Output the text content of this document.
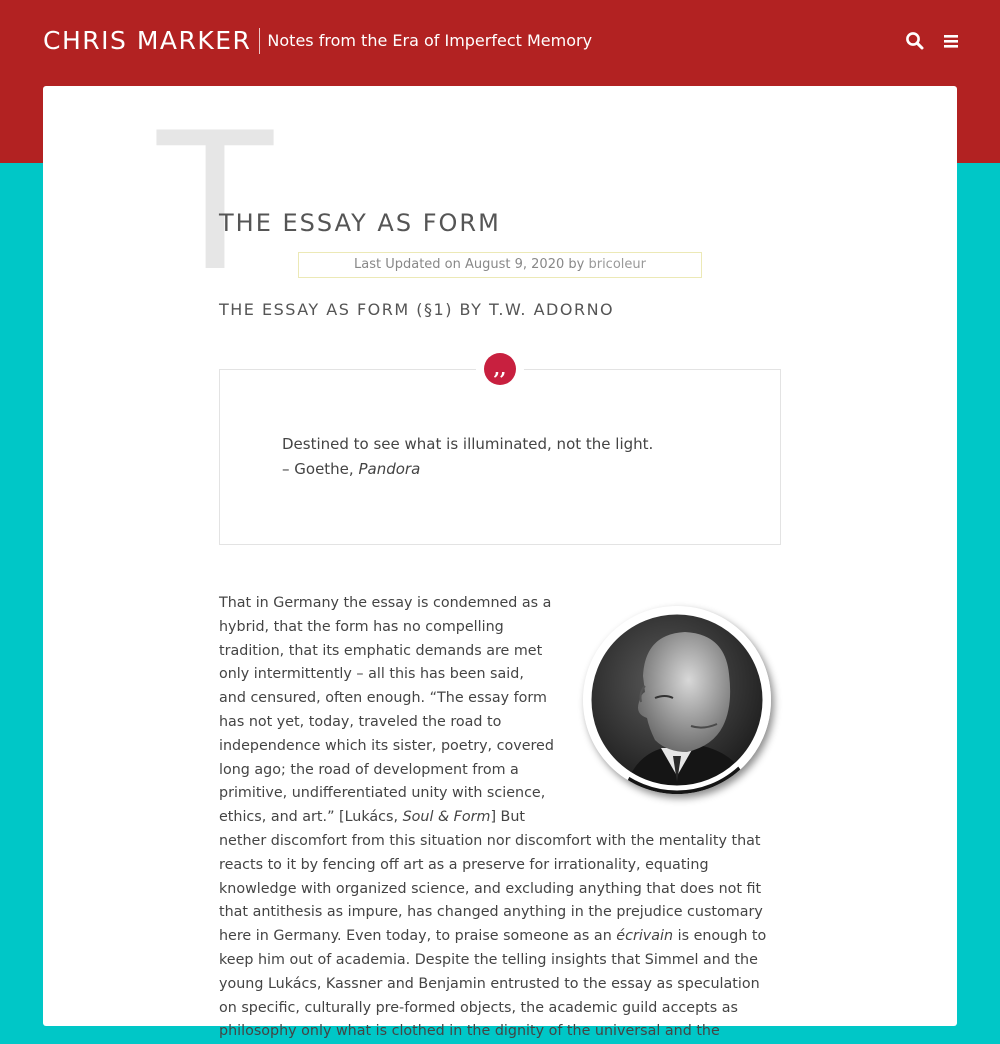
CHRIS MARKER	Notes from the Era of Imperfect Memory
T
THE ESSAY AS FORM
Last Updated on August 9, 2020 by bricoleur
THE ESSAY AS FORM (§1) BY T.W. ADORNO
,,
Destined to see what is illuminated, not the light.
– Goethe, Pandora

That in Germany the essay is condemned as a hybrid, that the form has no compelling tradition, that its emphatic demands are met only intermittently – all this has been said, and censured, often enough. “The essay form has not yet, today, traveled the road to independence which its sister, poetry, covered long ago; the road of development from a primitive, undifferentiated unity with science, ethics, and art.” [Lukács, Soul & Form] But nether discomfort from this situation nor discomfort with the mentality that reacts to it by fencing off art as a preserve for irrationality, equating knowledge with organized science, and excluding anything that does not fit that antithesis as impure, has changed anything in the prejudice customary here in Germany. Even today, to praise someone as an écrivain is enough to keep him out of academia. Despite the telling insights that Simmel and the young Lukács, Kassner and Benjamin entrusted to the essay as speculation on specific, culturally pre-formed objects, the academic guild accepts as philosophy only what is clothed in the dignity of the universal and the
